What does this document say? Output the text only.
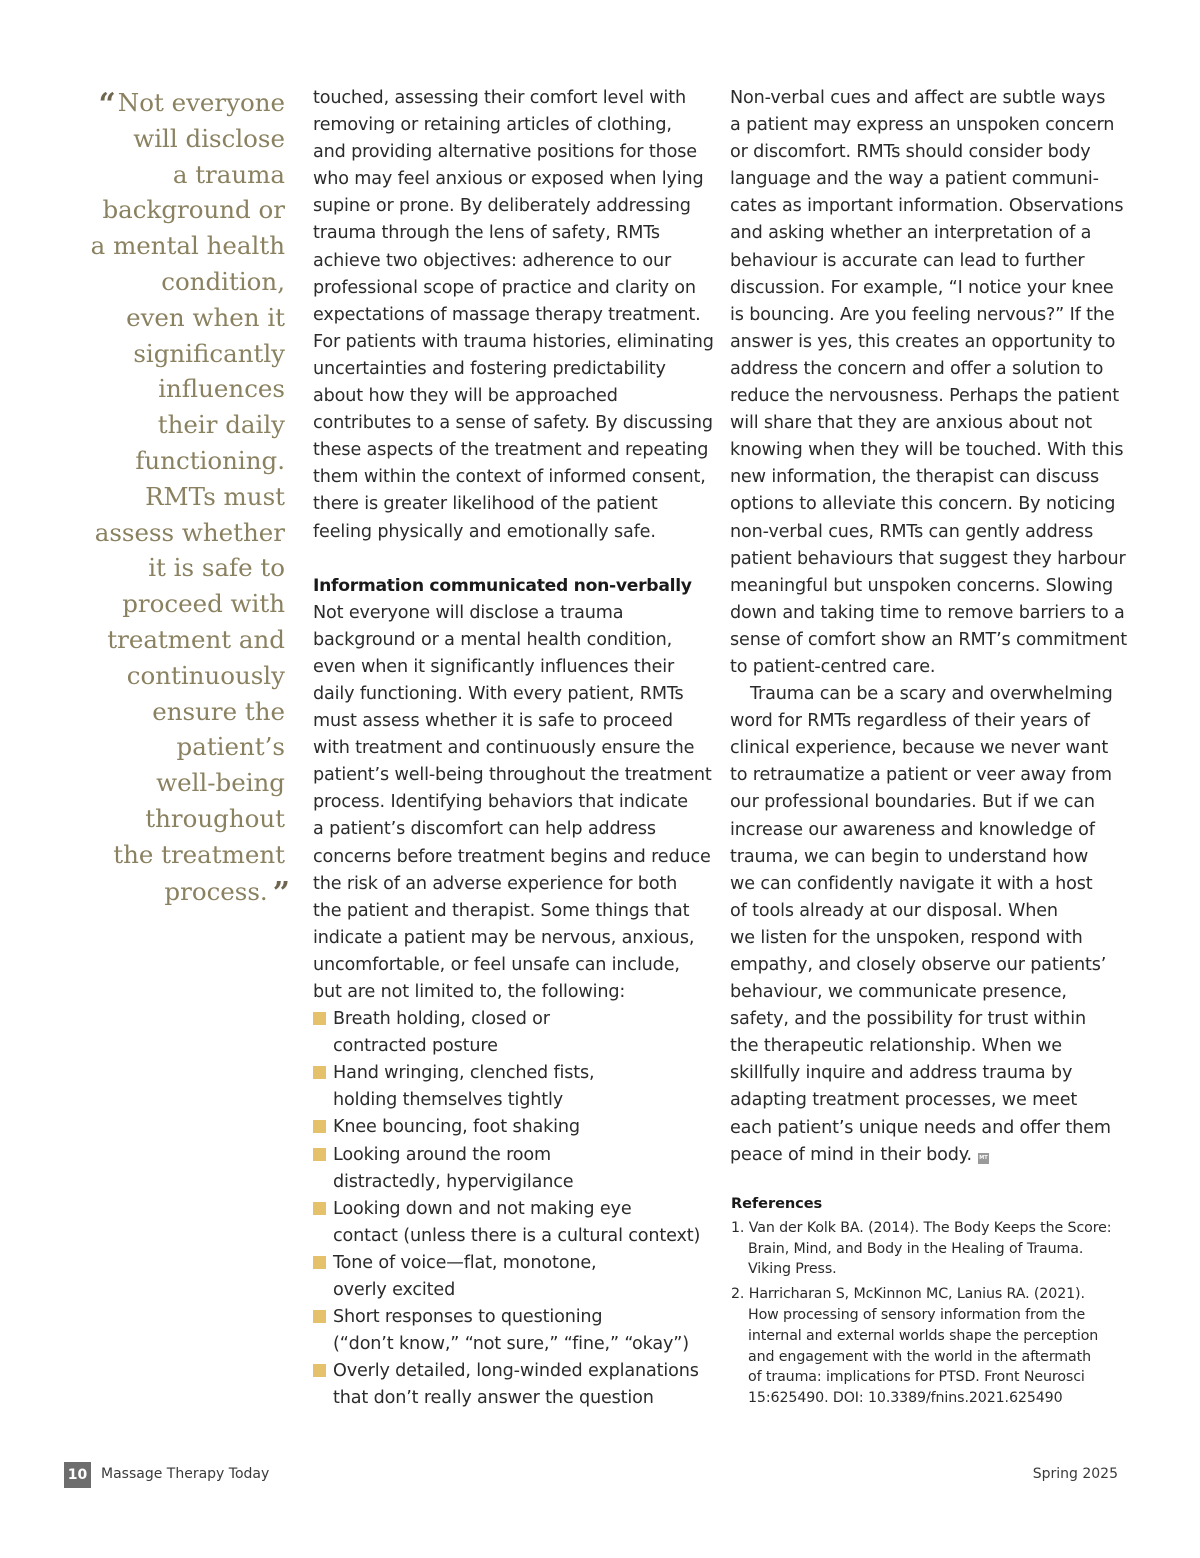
“ Not everyone
will disclose
a trauma
background or
a mental health
condition,
even when it
significantly
influences
their daily
functioning.
RMTs must
assess whether
it is safe to
proceed with
treatment and
continuously
ensure the
patient’s
well-being
throughout
the treatment
process. ”
touched, assessing their comfort level with
removing or retaining articles of clothing,
and providing alternative positions for those
who may feel anxious or exposed when lying
supine or prone. By deliberately addressing
trauma through the lens of safety, RMTs
achieve two objectives: adherence to our
professional scope of practice and clarity on
expectations of massage therapy treatment.
For patients with trauma histories, eliminating
uncertainties and fostering predictability
about how they will be approached
contributes to a sense of safety. By discussing
these aspects of the treatment and repeating
them within the context of informed consent,
there is greater likelihood of the patient
feeling physically and emotionally safe.
Information communicated non-verbally
Not everyone will disclose a trauma
background or a mental health condition,
even when it significantly influences their
daily functioning. With every patient, RMTs
must assess whether it is safe to proceed
with treatment and continuously ensure the
patient’s well-being throughout the treatment
process. Identifying behaviors that indicate
a patient’s discomfort can help address
concerns before treatment begins and reduce
the risk of an adverse experience for both
the patient and therapist. Some things that
indicate a patient may be nervous, anxious,
uncomfortable, or feel unsafe can include,
but are not limited to, the following:
Breath holding, closed or
contracted posture
Hand wringing, clenched fists,
holding themselves tightly
Knee bouncing, foot shaking
Looking around the room
distractedly, hypervigilance
Looking down and not making eye
contact (unless there is a cultural context)
Tone of voice—flat, monotone,
overly excited
Short responses to questioning
(“don’t know,” “not sure,” “fine,” “okay”)
Overly detailed, long-winded explanations
that don’t really answer the question
Non-verbal cues and affect are subtle ways
a patient may express an unspoken concern
or discomfort. RMTs should consider body
language and the way a patient communi-
cates as important information. Observations
and asking whether an interpretation of a
behaviour is accurate can lead to further
discussion. For example, “I notice your knee
is bouncing. Are you feeling nervous?” If the
answer is yes, this creates an opportunity to
address the concern and offer a solution to
reduce the nervousness. Perhaps the patient
will share that they are anxious about not
knowing when they will be touched. With this
new information, the therapist can discuss
options to alleviate this concern. By noticing
non-verbal cues, RMTs can gently address
patient behaviours that suggest they harbour
meaningful but unspoken concerns. Slowing
down and taking time to remove barriers to a
sense of comfort show an RMT’s commitment
to patient-centred care.
Trauma can be a scary and overwhelming
word for RMTs regardless of their years of
clinical experience, because we never want
to retraumatize a patient or veer away from
our professional boundaries. But if we can
increase our awareness and knowledge of
trauma, we can begin to understand how
we can confidently navigate it with a host
of tools already at our disposal. When
we listen for the unspoken, respond with
empathy, and closely observe our patients’
behaviour, we communicate presence,
safety, and the possibility for trust within
the therapeutic relationship. When we
skillfully inquire and address trauma by
adapting treatment processes, we meet
each patient’s unique needs and offer them
peace of mind in their body. MT
References
1. Van der Kolk BA. (2014). The Body Keeps the Score:
Brain, Mind, and Body in the Healing of Trauma.
Viking Press.
2. Harricharan S, McKinnon MC, Lanius RA. (2021).
How processing of sensory information from the
internal and external worlds shape the perception
and engagement with the world in the aftermath
of trauma: implications for PTSD. Front Neurosci
15:625490. DOI: 10.3389/fnins.2021.625490
10 Massage Therapy Today	Spring 2025
